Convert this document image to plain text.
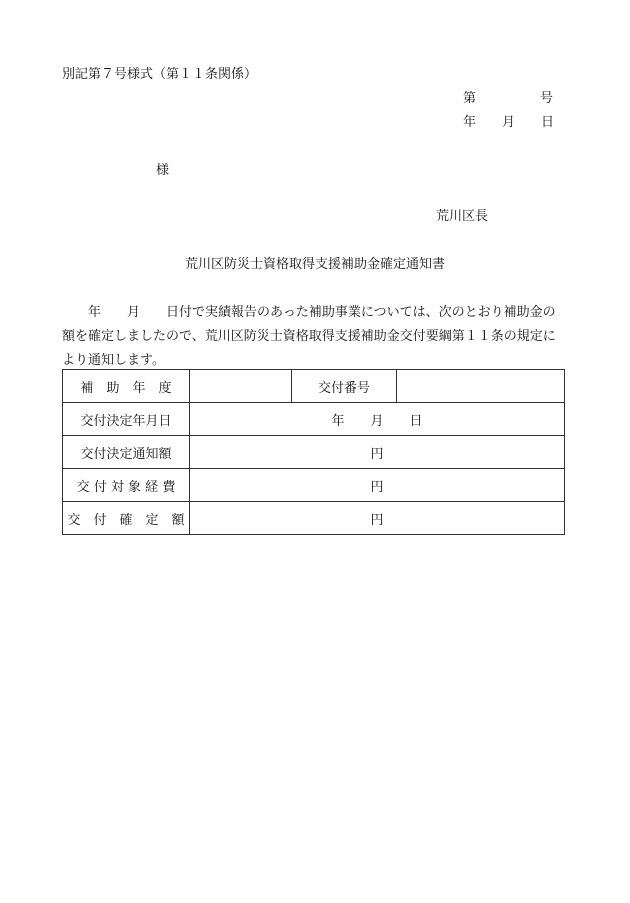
別記第７号様式（第１１条関係）
第	号
年　　月　　日
様
荒川区長
荒川区防災士資格取得支援補助金確定通知書

　　年　　月　　日付で実績報告のあった補助事業については、次のとおり補助金の額を確定しましたので、荒川区防災士資格取得支援補助金交付要綱第１１条の規定により通知します。

補　助　年　度		交付番号	
交付決定年月日	年　　月　　日		
交付決定通知額	円		
交 付 対 象 経 費	円		
交　付　確　定　額	円		
